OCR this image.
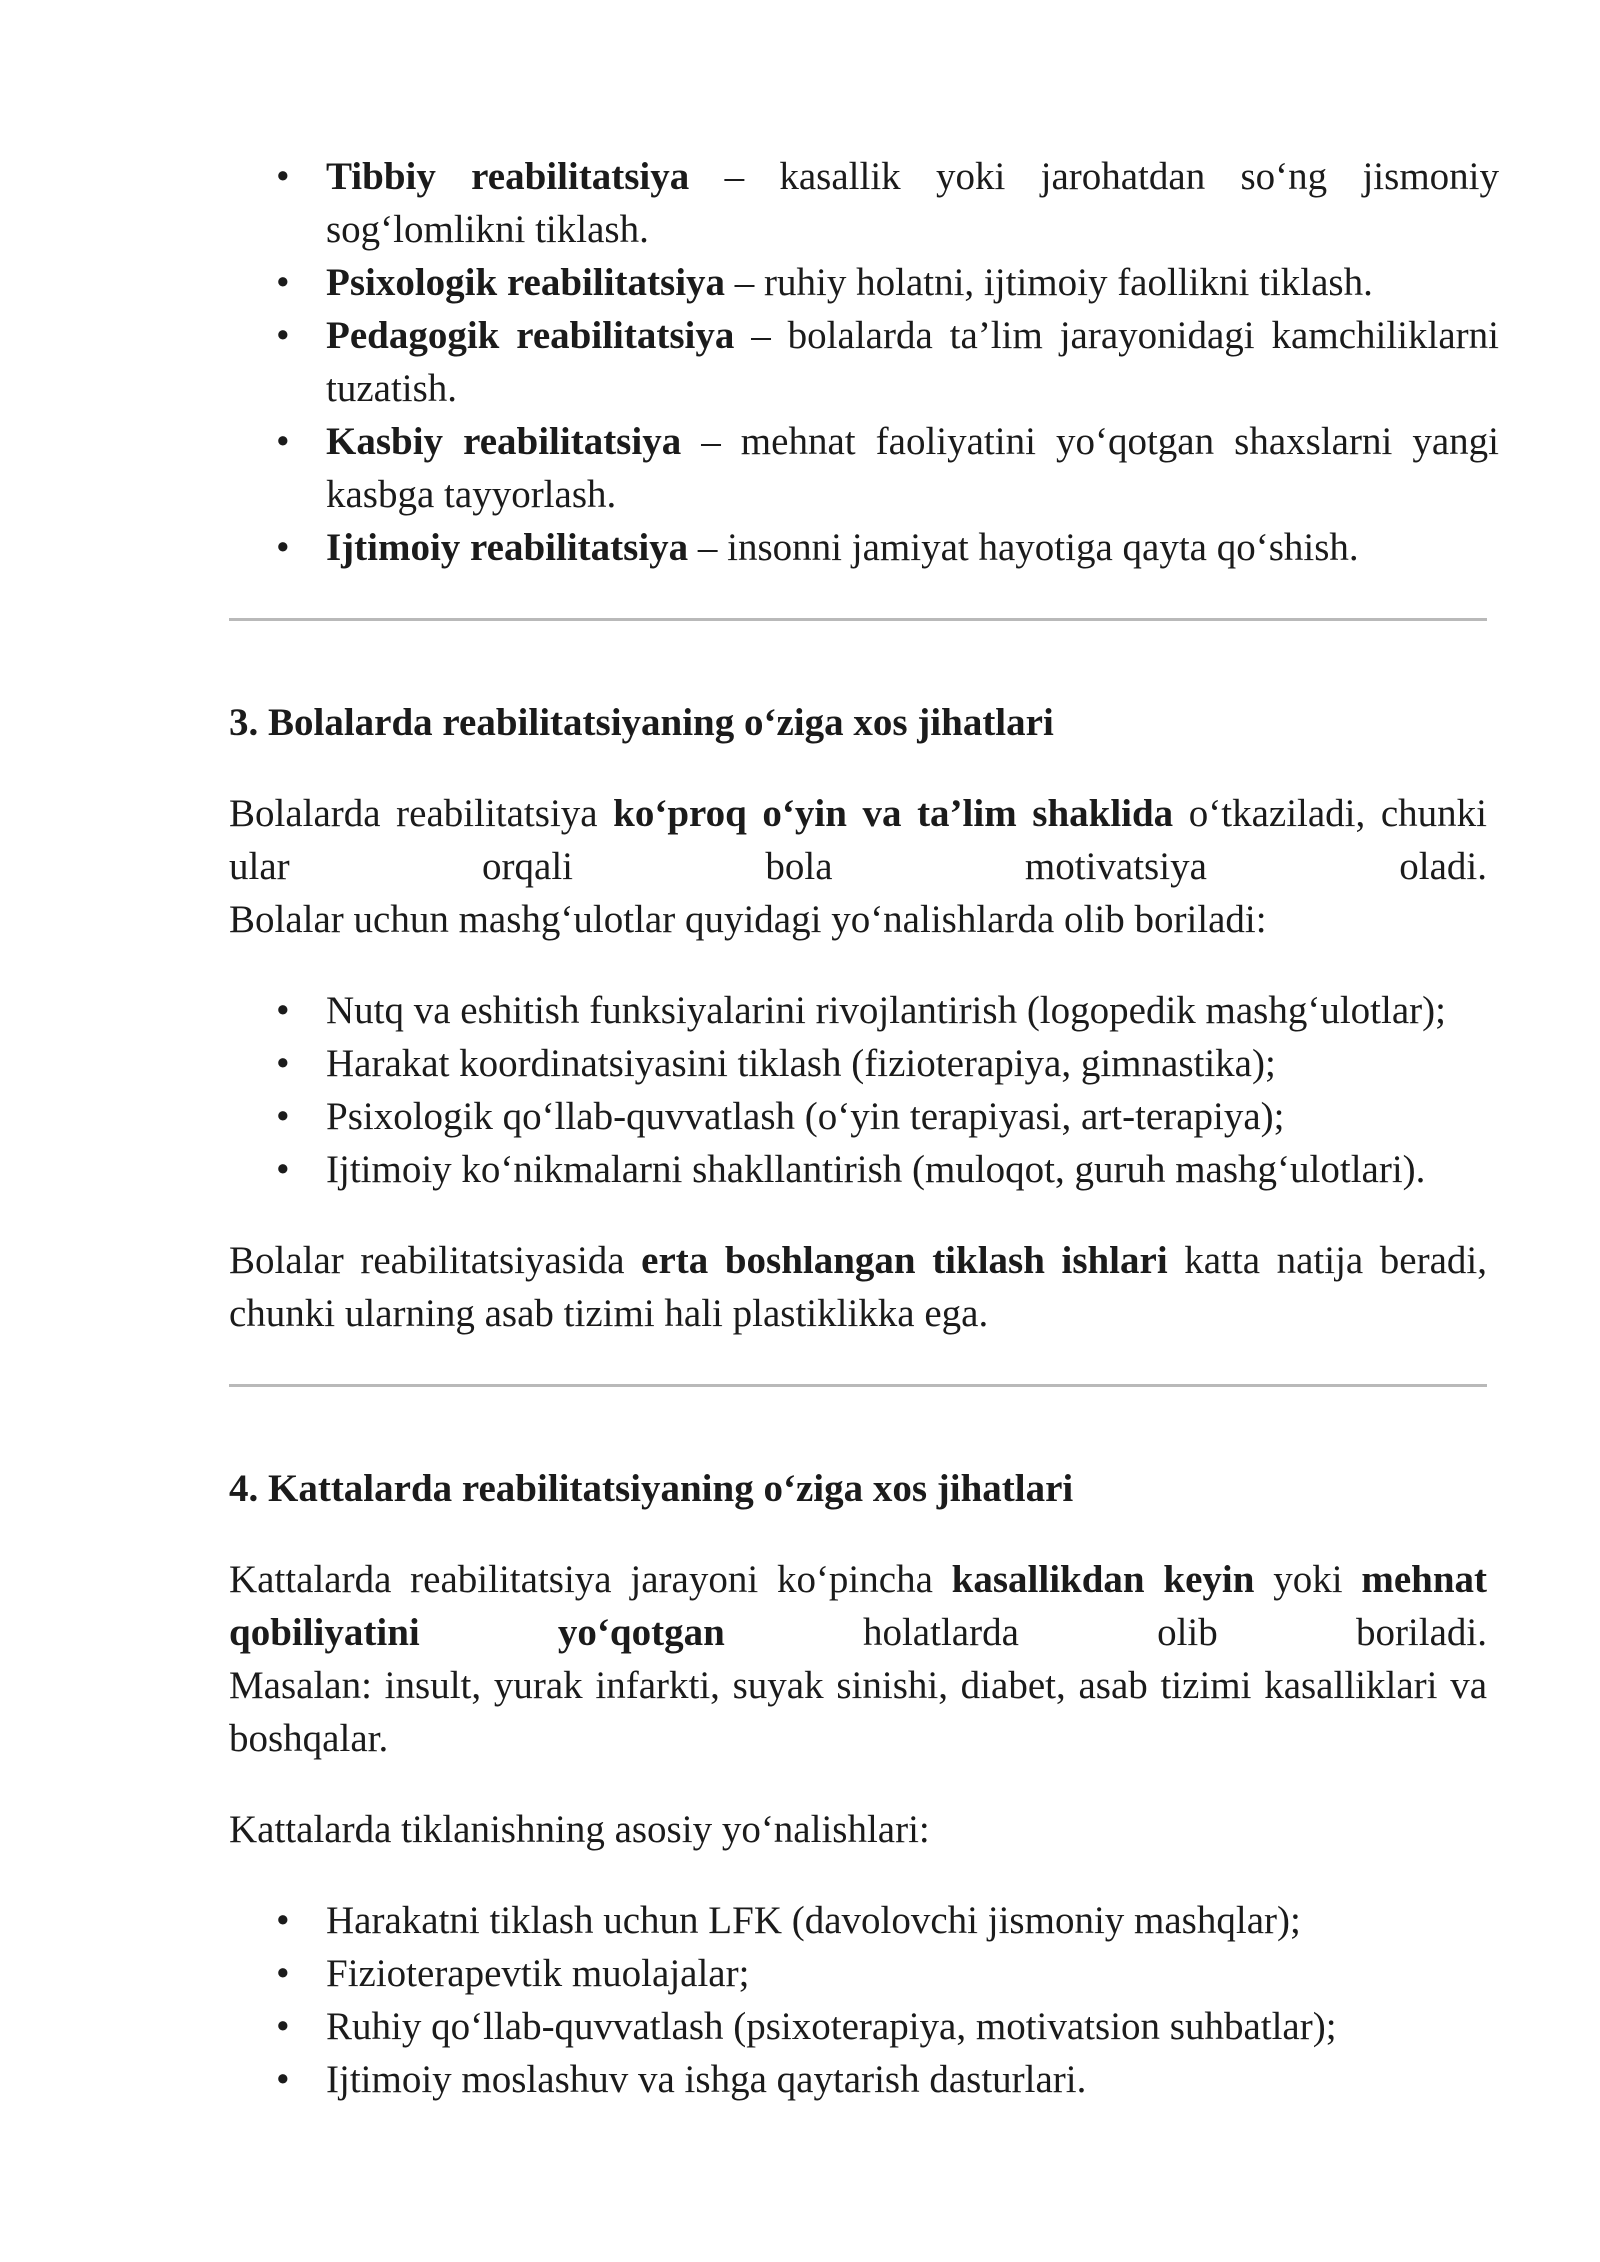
• Tibbiy reabilitatsiya – kasallik yoki jarohatdan so‘ng jismoniy sog‘lomlikni tiklash.
• Psixologik reabilitatsiya – ruhiy holatni, ijtimoiy faollikni tiklash.
• Pedagogik reabilitatsiya – bolalarda ta’lim jarayonidagi kamchiliklarni tuzatish.
• Kasbiy reabilitatsiya – mehnat faoliyatini yo‘qotgan shaxslarni yangi kasbga tayyorlash.
• Ijtimoiy reabilitatsiya – insonni jamiyat hayotiga qayta qo‘shish.
3. Bolalarda reabilitatsiyaning o‘ziga xos jihatlari

Bolalarda reabilitatsiya ko‘proq o‘yin va ta’lim shaklida o‘tkaziladi, chunki
ular orqali bola motivatsiya oladi.
Bolalar uchun mashg‘ulotlar quyidagi yo‘nalishlarda olib boriladi:

• Nutq va eshitish funksiyalarini rivojlantirish (logopedik mashg‘ulotlar);
• Harakat koordinatsiyasini tiklash (fizioterapiya, gimnastika);
• Psixologik qo‘llab-quvvatlash (o‘yin terapiyasi, art-terapiya);
• Ijtimoiy ko‘nikmalarni shakllantirish (muloqot, guruh mashg‘ulotlari).

Bolalar reabilitatsiyasida erta boshlangan tiklash ishlari katta natija beradi, chunki ularning asab tizimi hali plastiklikka ega.

4. Kattalarda reabilitatsiyaning o‘ziga xos jihatlari

Kattalarda reabilitatsiya jarayoni ko‘pincha kasallikdan keyin yoki mehnat qobiliyatini yo‘qotgan holatlarda olib boriladi.
Masalan: insult, yurak infarkti, suyak sinishi, diabet, asab tizimi kasalliklari va boshqalar.

Kattalarda tiklanishning asosiy yo‘nalishlari:

• Harakatni tiklash uchun LFK (davolovchi jismoniy mashqlar);
• Fizioterapevtik muolajalar;
• Ruhiy qo‘llab-quvvatlash (psixoterapiya, motivatsion suhbatlar);
• Ijtimoiy moslashuv va ishga qaytarish dasturlari.
